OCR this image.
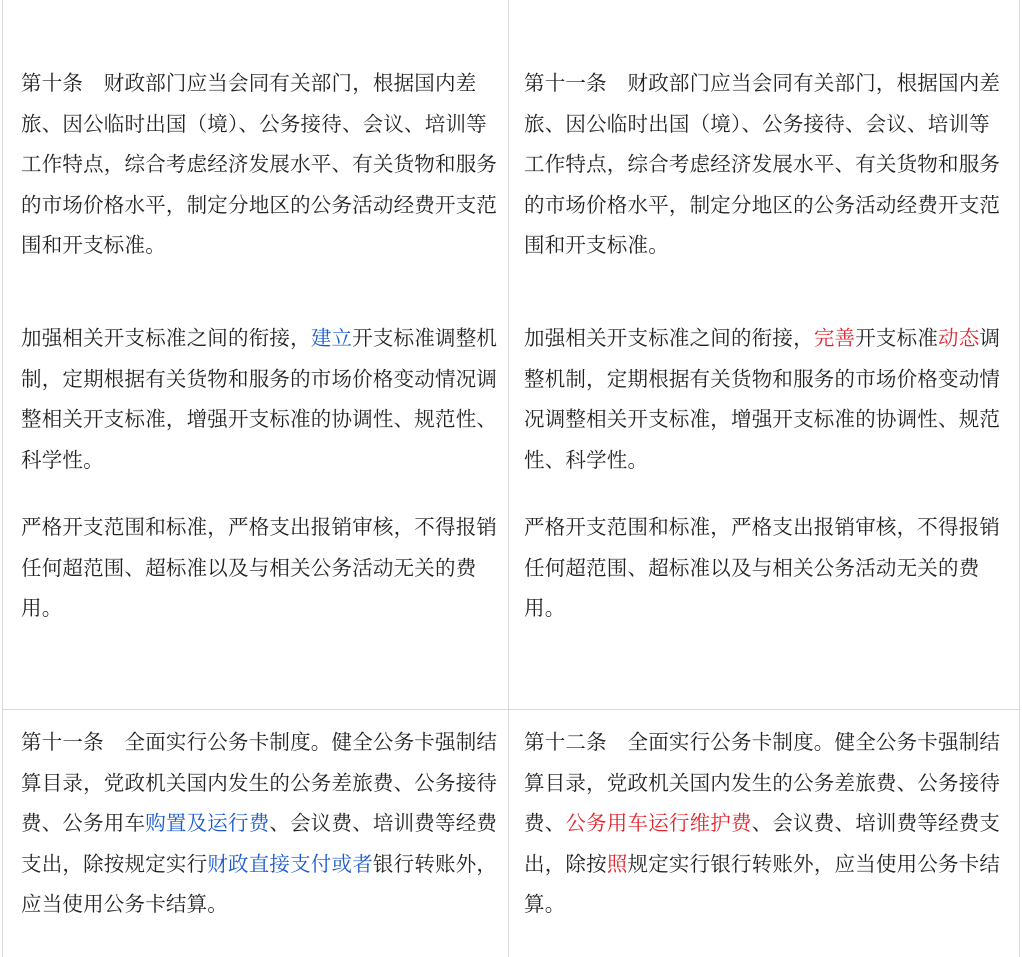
第十条　财政部门应当会同有关部门，根据国内差旅、因公临时出国（境）、公务接待、会议、培训等工作特点，综合考虑经济发展水平、有关货物和服务的市场价格水平，制定分地区的公务活动经费开支范围和开支标准。

加强相关开支标准之间的衔接，建立开支标准调整机制，定期根据有关货物和服务的市场价格变动情况调整相关开支标准，增强开支标准的协调性、规范性、科学性。

严格开支范围和标准，严格支出报销审核，不得报销任何超范围、超标准以及与相关公务活动无关的费用。

第十一条　财政部门应当会同有关部门，根据国内差旅、因公临时出国（境）、公务接待、会议、培训等工作特点，综合考虑经济发展水平、有关货物和服务的市场价格水平，制定分地区的公务活动经费开支范围和开支标准。

加强相关开支标准之间的衔接，完善开支标准动态调整机制，定期根据有关货物和服务的市场价格变动情况调整相关开支标准，增强开支标准的协调性、规范性、科学性。

严格开支范围和标准，严格支出报销审核，不得报销任何超范围、超标准以及与相关公务活动无关的费用。

第十一条　全面实行公务卡制度。健全公务卡强制结算目录，党政机关国内发生的公务差旅费、公务接待费、公务用车购置及运行费、会议费、培训费等经费支出，除按规定实行财政直接支付或者银行转账外，应当使用公务卡结算。

第十二条　全面实行公务卡制度。健全公务卡强制结算目录，党政机关国内发生的公务差旅费、公务接待费、公务用车运行维护费、会议费、培训费等经费支出，除按照规定实行银行转账外，应当使用公务卡结算。
